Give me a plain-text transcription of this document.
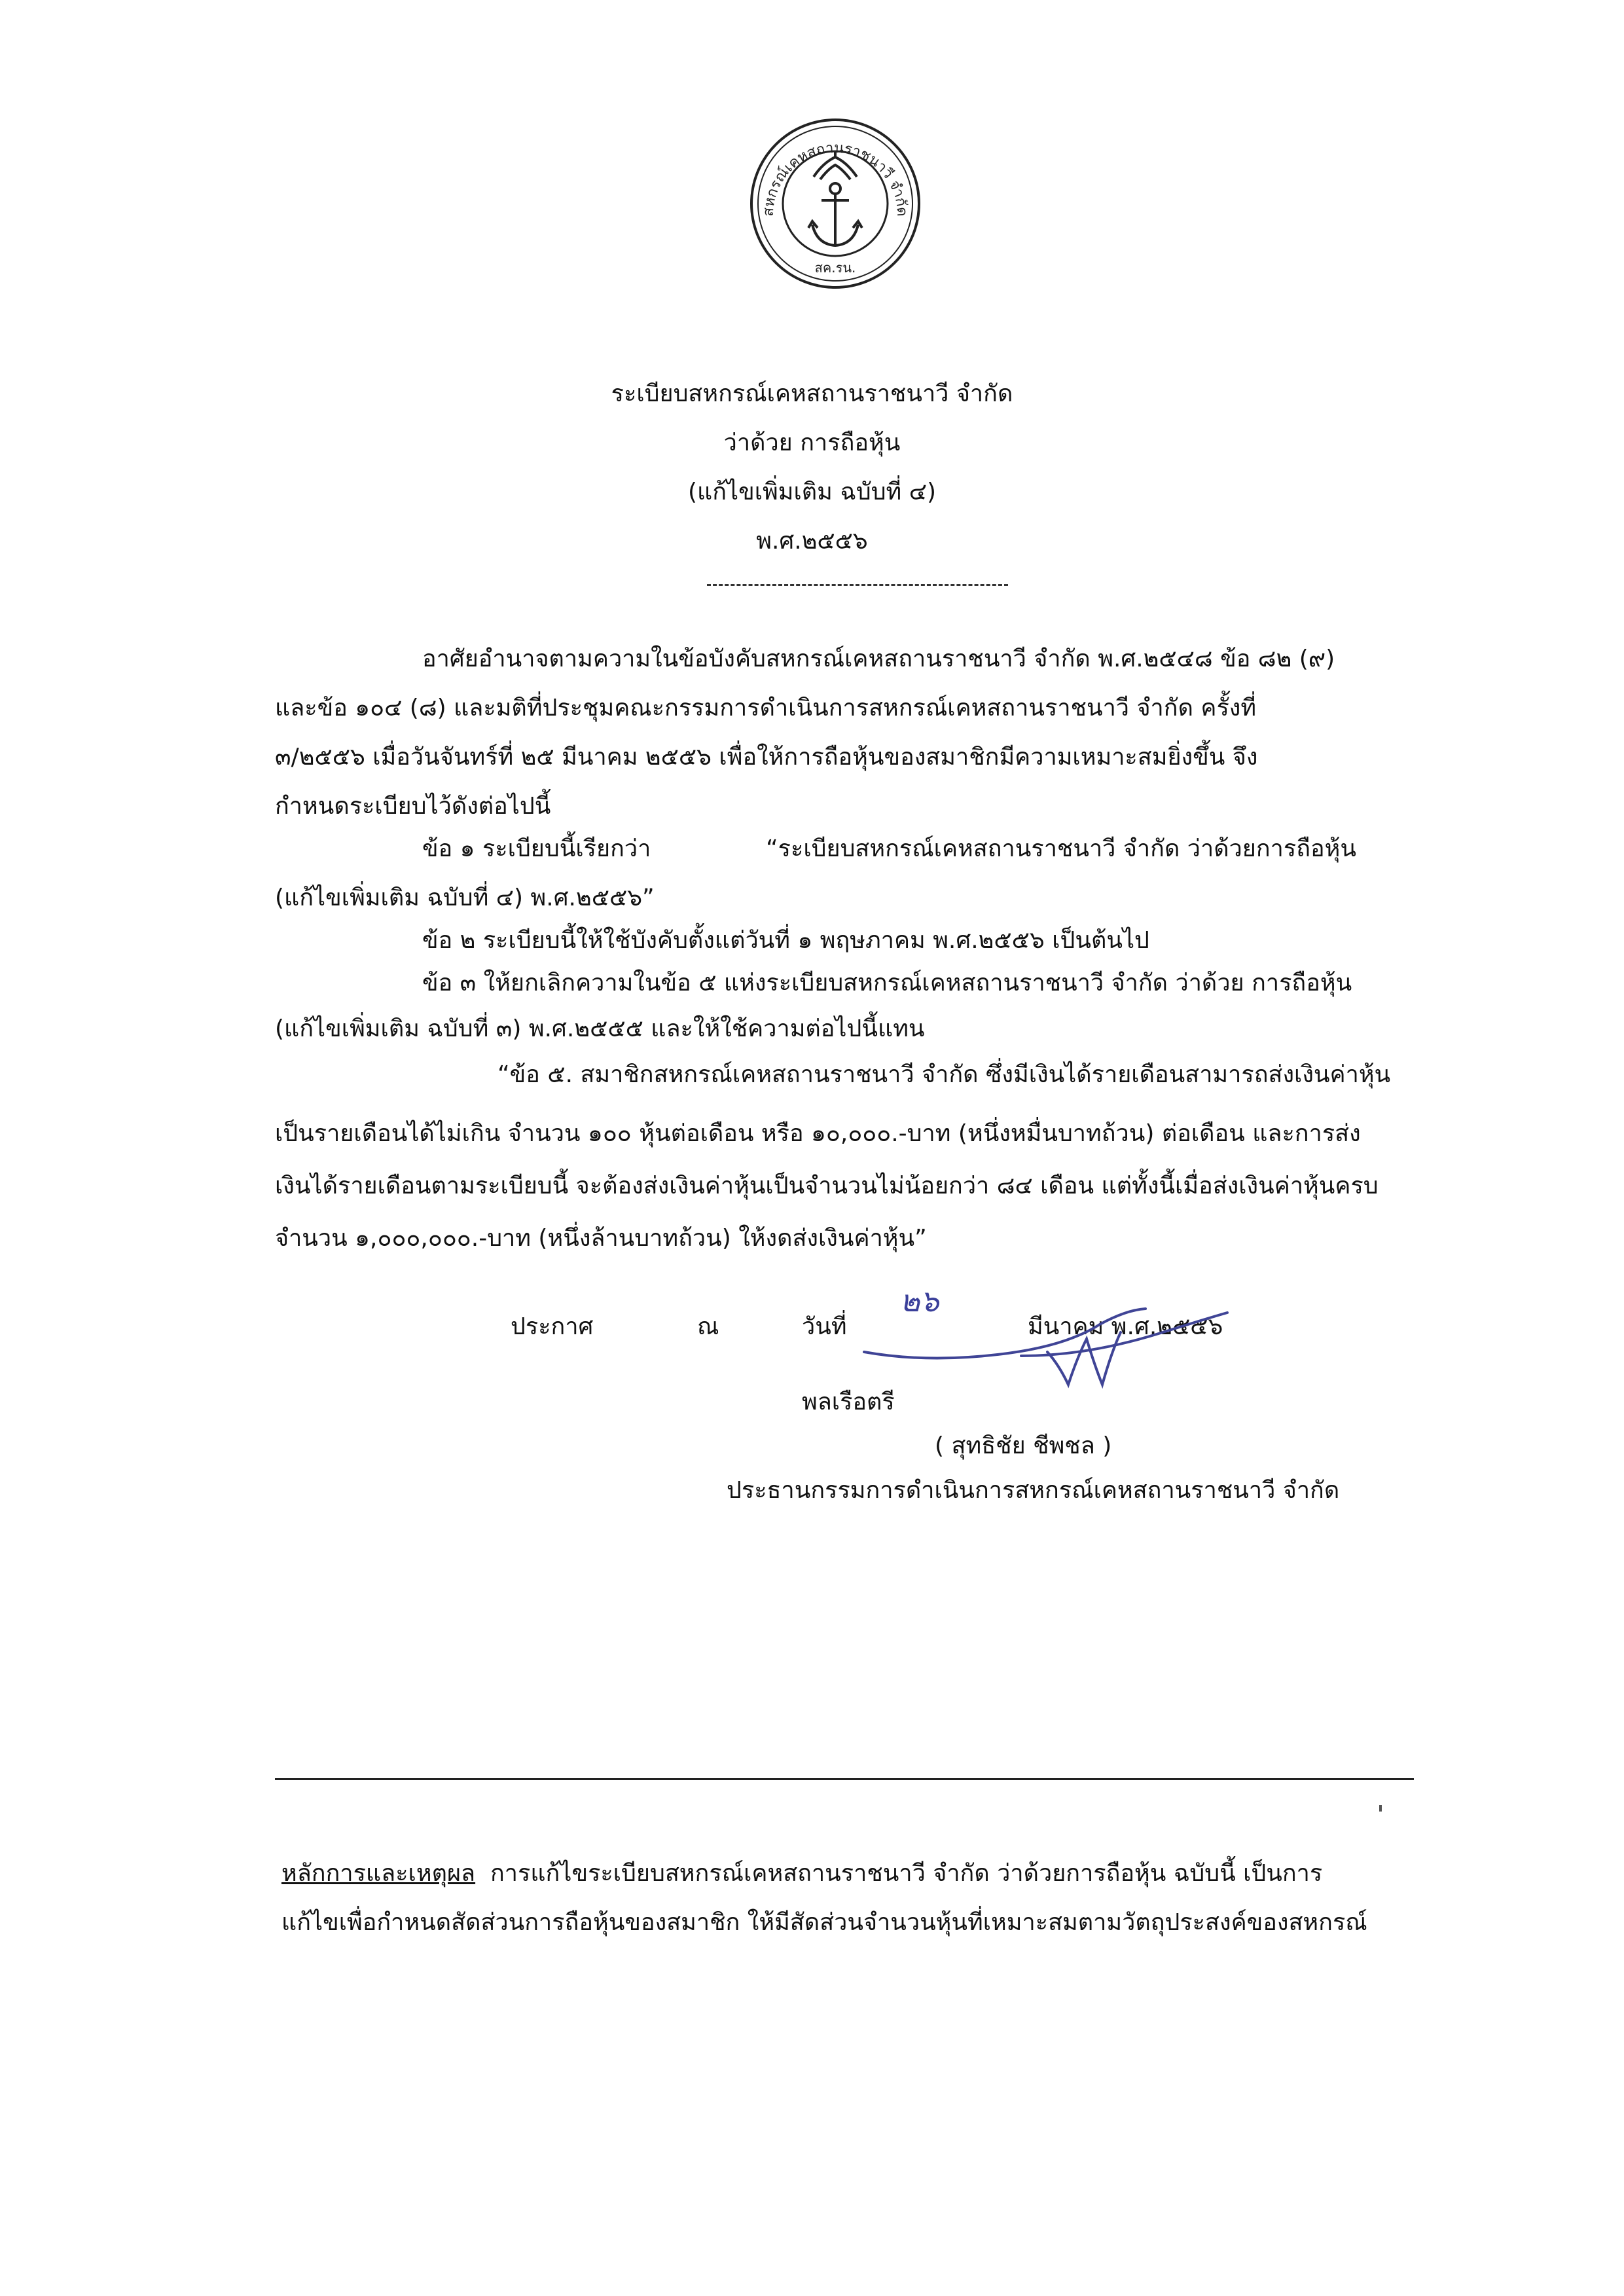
สหกรณ์เคหสถานราชนาวี จำกัด
สค.รน.
ระเบียบสหกรณ์เคหสถานราชนาวี จำกัด
ว่าด้วย การถือหุ้น
(แก้ไขเพิ่มเติม ฉบับที่ ๔)
พ.ศ.๒๕๕๖
อาศัยอำนาจตามความในข้อบังคับสหกรณ์เคหสถานราชนาวี จำกัด พ.ศ.๒๕๔๘ ข้อ ๘๒ (๙)
และข้อ ๑๐๔ (๘) และมติที่ประชุมคณะกรรมการดำเนินการสหกรณ์เคหสถานราชนาวี จำกัด ครั้งที่
๓/๒๕๕๖ เมื่อวันจันทร์ที่ ๒๕ มีนาคม ๒๕๕๖ เพื่อให้การถือหุ้นของสมาชิกมีความเหมาะสมยิ่งขึ้น จึง
กำหนดระเบียบไว้ดังต่อไปนี้
ข้อ ๑ ระเบียบนี้เรียกว่า	“ระเบียบสหกรณ์เคหสถานราชนาวี จำกัด ว่าด้วยการถือหุ้น
(แก้ไขเพิ่มเติม ฉบับที่ ๔) พ.ศ.๒๕๕๖”
ข้อ ๒ ระเบียบนี้ให้ใช้บังคับตั้งแต่วันที่ ๑ พฤษภาคม พ.ศ.๒๕๕๖ เป็นต้นไป
ข้อ ๓ ให้ยกเลิกความในข้อ ๕ แห่งระเบียบสหกรณ์เคหสถานราชนาวี จำกัด ว่าด้วย การถือหุ้น
(แก้ไขเพิ่มเติม ฉบับที่ ๓) พ.ศ.๒๕๕๕ และให้ใช้ความต่อไปนี้แทน
“ข้อ ๕. สมาชิกสหกรณ์เคหสถานราชนาวี จำกัด ซึ่งมีเงินได้รายเดือนสามารถส่งเงินค่าหุ้น
เป็นรายเดือนได้ไม่เกิน จำนวน ๑๐๐ หุ้นต่อเดือน หรือ ๑๐,๐๐๐.-บาท (หนึ่งหมื่นบาทถ้วน) ต่อเดือน และการส่ง
เงินได้รายเดือนตามระเบียบนี้ จะต้องส่งเงินค่าหุ้นเป็นจำนวนไม่น้อยกว่า ๘๔ เดือน แต่ทั้งนี้เมื่อส่งเงินค่าหุ้นครบ
จำนวน ๑,๐๐๐,๐๐๐.-บาท (หนึ่งล้านบาทถ้วน) ให้งดส่งเงินค่าหุ้น”
ประกาศ	ณ	วันที่
๒๖
มีนาคม พ.ศ.๒๕๕๖
พลเรือตรี
( สุทธิชัย ชีพชล )
ประธานกรรมการดำเนินการสหกรณ์เคหสถานราชนาวี จำกัด
หลักการและเหตุผล การแก้ไขระเบียบสหกรณ์เคหสถานราชนาวี จำกัด ว่าด้วยการถือหุ้น ฉบับนี้ เป็นการ
แก้ไขเพื่อกำหนดสัดส่วนการถือหุ้นของสมาชิก ให้มีสัดส่วนจำนวนหุ้นที่เหมาะสมตามวัตถุประสงค์ของสหกรณ์
